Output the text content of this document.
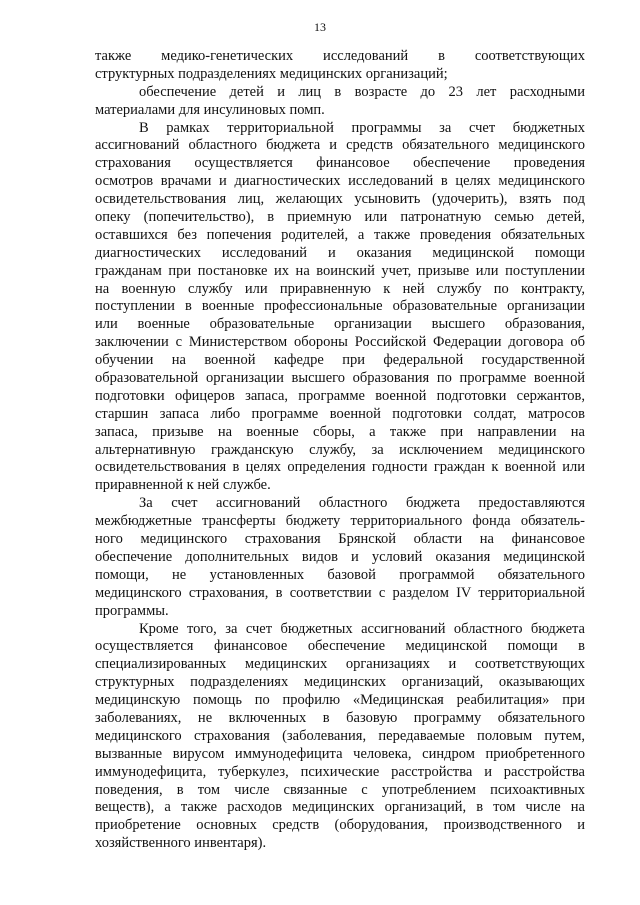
13
также медико-генетических исследований в соответствующих
структурных подразделениях медицинских организаций;
обеспечение детей и лиц в возрасте до 23 лет расходными
материалами для инсулиновых помп.
В рамках территориальной программы за счет бюджетных
ассигнований областного бюджета и средств обязательного медицинского
страхования осуществляется финансовое обеспечение проведения
осмотров врачами и диагностических исследований в целях медицинского
освидетельствования лиц, желающих усыновить (удочерить), взять под
опеку (попечительство), в приемную или патронатную семью детей,
оставшихся без попечения родителей, а также проведения обязательных
диагностических исследований и оказания медицинской помощи
гражданам при постановке их на воинский учет, призыве или поступлении
на военную службу или приравненную к ней службу по контракту,
поступлении в военные профессиональные образовательные организации
или военные образовательные организации высшего образования,
заключении с Министерством обороны Российской Федерации договора об
обучении на военной кафедре при федеральной государственной
образовательной организации высшего образования по программе военной
подготовки офицеров запаса, программе военной подготовки сержантов,
старшин запаса либо программе военной подготовки солдат, матросов
запаса, призыве на военные сборы, а также при направлении на
альтернативную гражданскую службу, за исключением медицинского
освидетельствования в целях определения годности граждан к военной или
приравненной к ней службе.
За счет ассигнований областного бюджета предоставляются
межбюджетные трансферты бюджету территориального фонда обязатель-
ного медицинского страхования Брянской области на финансовое
обеспечение дополнительных видов и условий оказания медицинской
помощи, не установленных базовой программой обязательного
медицинского страхования, в соответствии с разделом IV территориальной
программы.
Кроме того, за счет бюджетных ассигнований областного бюджета
осуществляется финансовое обеспечение медицинской помощи в
специализированных медицинских организациях и соответствующих
структурных подразделениях медицинских организаций, оказывающих
медицинскую помощь по профилю «Медицинская реабилитация» при
заболеваниях, не включенных в базовую программу обязательного
медицинского страхования (заболевания, передаваемые половым путем,
вызванные вирусом иммунодефицита человека, синдром приобретенного
иммунодефицита, туберкулез, психические расстройства и расстройства
поведения, в том числе связанные с употреблением психоактивных
веществ), а также расходов медицинских организаций, в том числе на
приобретение основных средств (оборудования, производственного и
хозяйственного инвентаря).
